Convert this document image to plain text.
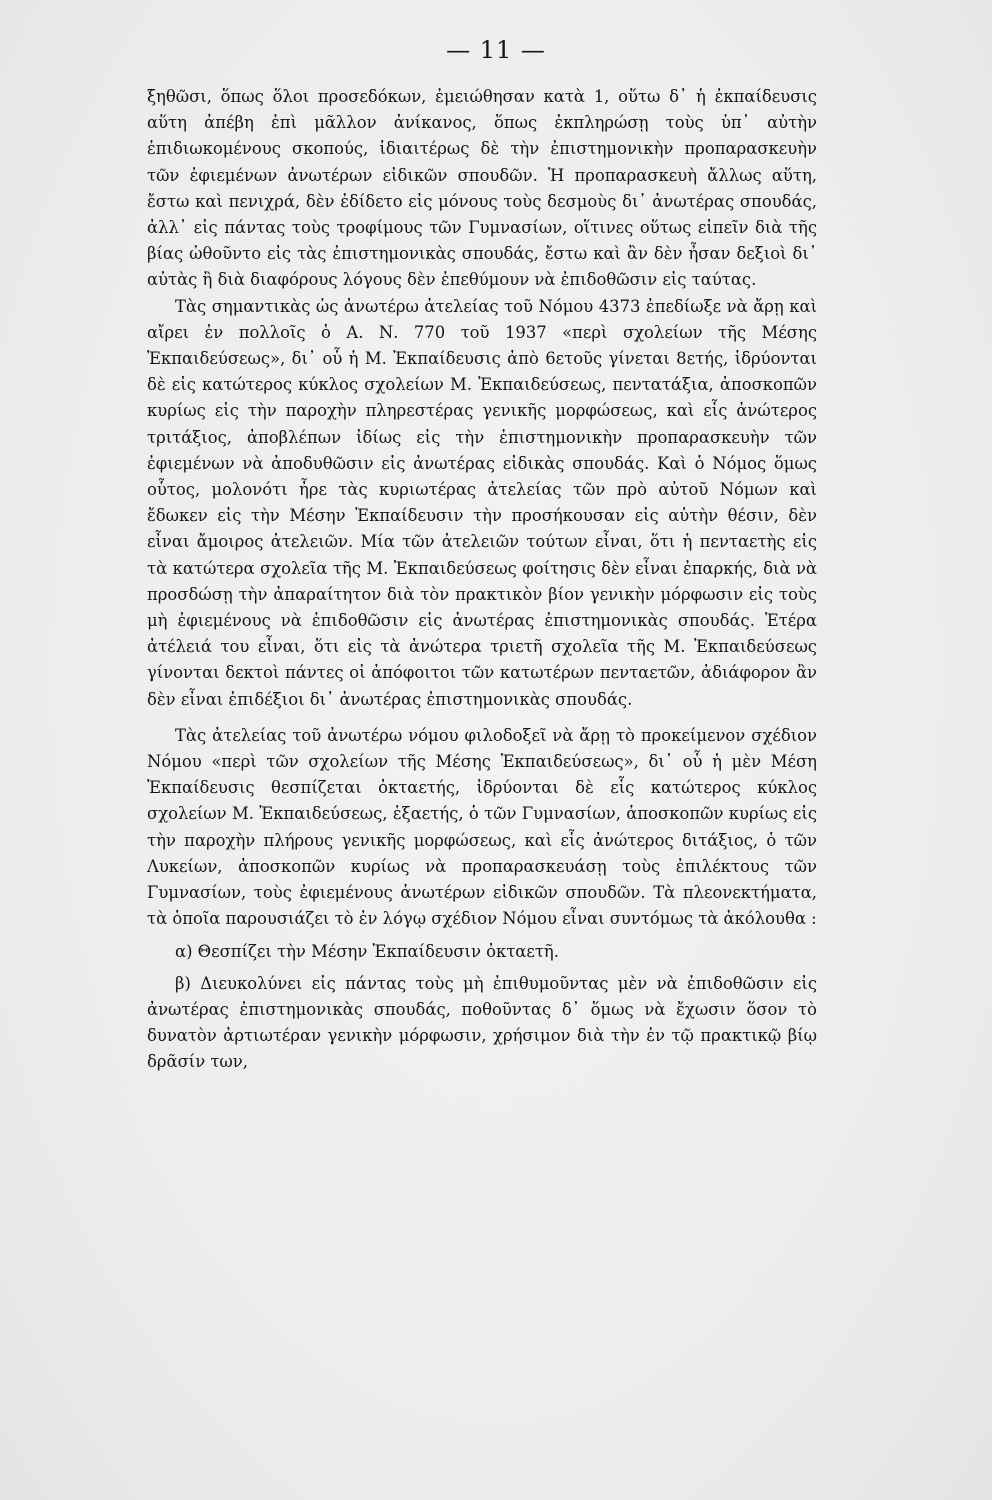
— 11 —

ξηθῶσι, ὅπως ὅλοι προσεδόκων, ἐμειώθησαν κατὰ 1, οὕτω δ᾽ ἡ ἐκπαίδευσις αὕτη ἀπέβη ἐπὶ μᾶλλον ἀνίκανος, ὅπως ἐκπληρώσῃ τοὺς ὑπ᾽ αὐτὴν ἐπιδιωκομένους σκοπούς, ἰδιαιτέρως δὲ τὴν ἐπιστημονικὴν προπαρασκευὴν τῶν ἐφιεμένων ἀνωτέρων εἰδικῶν σπουδῶν. Ἡ προπαρασκευὴ ἄλλως αὕτη, ἔστω καὶ πενιχρά, δὲν ἐδίδετο εἰς μόνους τοὺς δεσμοὺς δι᾽ ἀνωτέρας σπουδάς, ἀλλ᾽ εἰς πάντας τοὺς τροφίμους τῶν Γυμνασίων, οἵτινες οὕτως εἰπεῖν διὰ τῆς βίας ὠθοῦντο εἰς τὰς ἐπιστημονικὰς σπουδάς, ἔστω καὶ ἂν δὲν ἦσαν δεξιοὶ δι᾽ αὐτὰς ἢ διὰ διαφόρους λόγους δὲν ἐπεθύμουν νὰ ἐπιδοθῶσιν εἰς ταύτας.

Τὰς σημαντικὰς ὡς ἀνωτέρω ἀτελείας τοῦ Νόμου 4373 ἐπεδίωξε νὰ ἄρῃ καὶ αἴρει ἐν πολλοῖς ὁ Α. Ν. 770 τοῦ 1937 «περὶ σχολείων τῆς Μέσης Ἐκπαιδεύσεως», δι᾽ οὗ ἡ Μ. Ἐκπαίδευσις ἀπὸ 6ετοῦς γίνεται 8ετής, ἱδρύονται δὲ εἰς κατώτερος κύκλος σχολείων Μ. Ἐκπαιδεύσεως, πεντατάξια, ἀποσκοπῶν κυρίως εἰς τὴν παροχὴν πληρεστέρας γενικῆς μορφώσεως, καὶ εἷς ἀνώτερος τριτάξιος, ἀποβλέπων ἰδίως εἰς τὴν ἐπιστημονικὴν προπαρασκευὴν τῶν ἐφιεμένων νὰ ἀποδυθῶσιν εἰς ἀνωτέρας εἰδικὰς σπουδάς. Καὶ ὁ Νόμος ὅμως οὗτος, μολονότι ἦρε τὰς κυριωτέρας ἀτελείας τῶν πρὸ αὐτοῦ Νόμων καὶ ἔδωκεν εἰς τὴν Μέσην Ἐκπαίδευσιν τὴν προσήκουσαν εἰς αὐτὴν θέσιν, δὲν εἶναι ἄμοιρος ἀτελειῶν. Μία τῶν ἀτελειῶν τούτων εἶναι, ὅτι ἡ πενταετὴς εἰς τὰ κατώτερα σχολεῖα τῆς Μ. Ἐκπαιδεύσεως φοίτησις δὲν εἶναι ἐπαρκής, διὰ νὰ προσδώσῃ τὴν ἀπαραίτητον διὰ τὸν πρακτικὸν βίον γενικὴν μόρφωσιν εἰς τοὺς μὴ ἐφιεμένους νὰ ἐπιδοθῶσιν εἰς ἀνωτέρας ἐπιστημονικὰς σπουδάς. Ἑτέρα ἀτέλειά του εἶναι, ὅτι εἰς τὰ ἀνώτερα τριετῆ σχολεῖα τῆς Μ. Ἐκπαιδεύσεως γίνονται δεκτοὶ πάντες οἱ ἀπόφοιτοι τῶν κατωτέρων πενταετῶν, ἀδιάφορον ἂν δὲν εἶναι ἐπιδέξιοι δι᾽ ἀνωτέρας ἐπιστημονικὰς σπουδάς.

Τὰς ἀτελείας τοῦ ἀνωτέρω νόμου φιλοδοξεῖ νὰ ἄρῃ τὸ προκείμενον σχέδιον Νόμου «περὶ τῶν σχολείων τῆς Μέσης Ἐκπαιδεύσεως», δι᾽ οὗ ἡ μὲν Μέση Ἐκπαίδευσις θεσπίζεται ὀκταετής, ἱδρύονται δὲ εἷς κατώτερος κύκλος σχολείων Μ. Ἐκπαιδεύσεως, ἑξαετής, ὁ τῶν Γυμνασίων, ἀποσκοπῶν κυρίως εἰς τὴν παροχὴν πλήρους γενικῆς μορφώσεως, καὶ εἷς ἀνώτερος διτάξιος, ὁ τῶν Λυκείων, ἀποσκοπῶν κυρίως νὰ προπαρασκευάσῃ τοὺς ἐπιλέκτους τῶν Γυμνασίων, τοὺς ἐφιεμένους ἀνωτέρων εἰδικῶν σπουδῶν. Τὰ πλεονεκτήματα, τὰ ὁποῖα παρουσιάζει τὸ ἐν λόγῳ σχέδιον Νόμου εἶναι συντόμως τὰ ἀκόλουθα :

α) Θεσπίζει τὴν Μέσην Ἐκπαίδευσιν ὀκταετῆ.

β) Διευκολύνει εἰς πάντας τοὺς μὴ ἐπιθυμοῦντας μὲν νὰ ἐπιδοθῶσιν εἰς ἀνωτέρας ἐπιστημονικὰς σπουδάς, ποθοῦντας δ᾽ ὅμως νὰ ἔχωσιν ὅσον τὸ δυνατὸν ἀρτιωτέραν γενικὴν μόρφωσιν, χρήσιμον διὰ τὴν ἐν τῷ πρακτικῷ βίῳ δρᾶσίν των,
